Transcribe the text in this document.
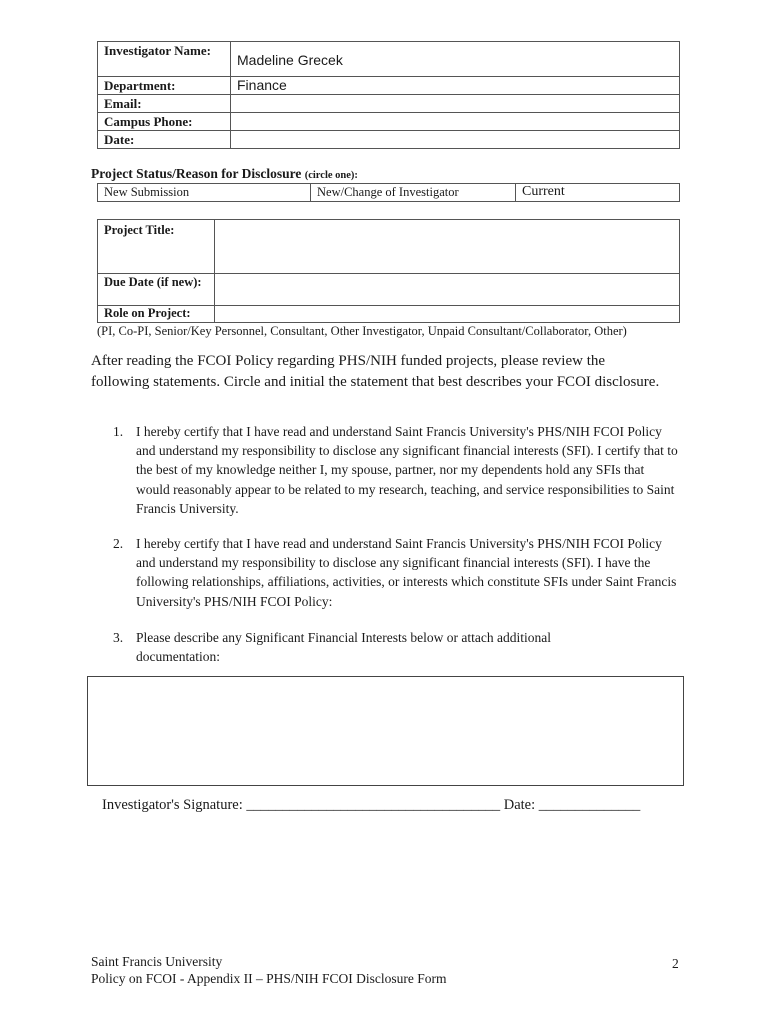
Investigator Name:	Madeline Grecek
Department:	Finance
Email:	
Campus Phone:	
Date:	
Project Status/Reason for Disclosure (circle one):
New Submission	New/Change of Investigator	Current
Project Title:	
Due Date (if new):	
Role on Project:	
(PI, Co-PI, Senior/Key Personnel, Consultant, Other Investigator, Unpaid Consultant/Collaborator, Other)
After reading the FCOI Policy regarding PHS/NIH funded projects, please review the following statements. Circle and initial the statement that best describes your FCOI disclosure.
1. I hereby certify that I have read and understand Saint Francis University's PHS/NIH FCOI Policy and understand my responsibility to disclose any significant financial interests (SFI). I certify that to the best of my knowledge neither I, my spouse, partner, nor my dependents hold any SFIs that would reasonably appear to be related to my research, teaching, and service responsibilities to Saint Francis University.
2. I hereby certify that I have read and understand Saint Francis University's PHS/NIH FCOI Policy and understand my responsibility to disclose any significant financial interests (SFI). I have the following relationships, affiliations, activities, or interests which constitute SFIs under Saint Francis University's PHS/NIH FCOI Policy:
3. Please describe any Significant Financial Interests below or attach additional documentation:
Investigator's Signature: ___________________________________ Date: ______________
Saint Francis University
Policy on FCOI - Appendix II – PHS/NIH FCOI Disclosure Form
2
